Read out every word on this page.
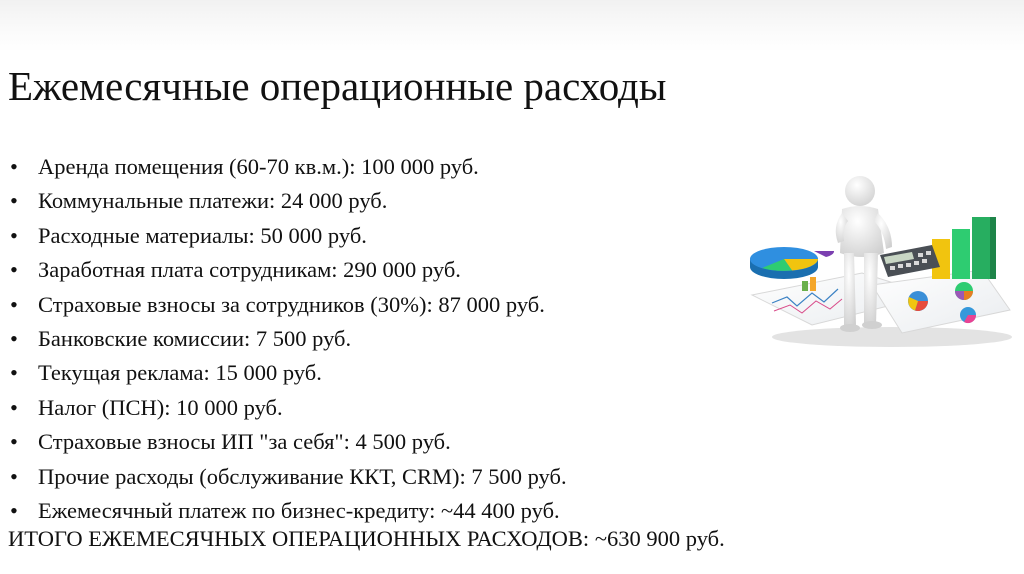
Ежемесячные операционные расходы
• Аренда помещения (60-70 кв.м.): 100 000 руб.
• Коммунальные платежи: 24 000 руб.
• Расходные материалы: 50 000 руб.
• Заработная плата сотрудникам: 290 000 руб.
• Страховые взносы за сотрудников (30%): 87 000 руб.
• Банковские комиссии: 7 500 руб.
• Текущая реклама: 15 000 руб.
• Налог (ПСН): 10 000 руб.
• Страховые взносы ИП "за себя": 4 500 руб.
• Прочие расходы (обслуживание ККТ, CRM): 7 500 руб.
• Ежемесячный платеж по бизнес-кредиту: ~44 400 руб.
ИТОГО ЕЖЕМЕСЯЧНЫХ ОПЕРАЦИОННЫХ РАСХОДОВ: ~630 900 руб.
